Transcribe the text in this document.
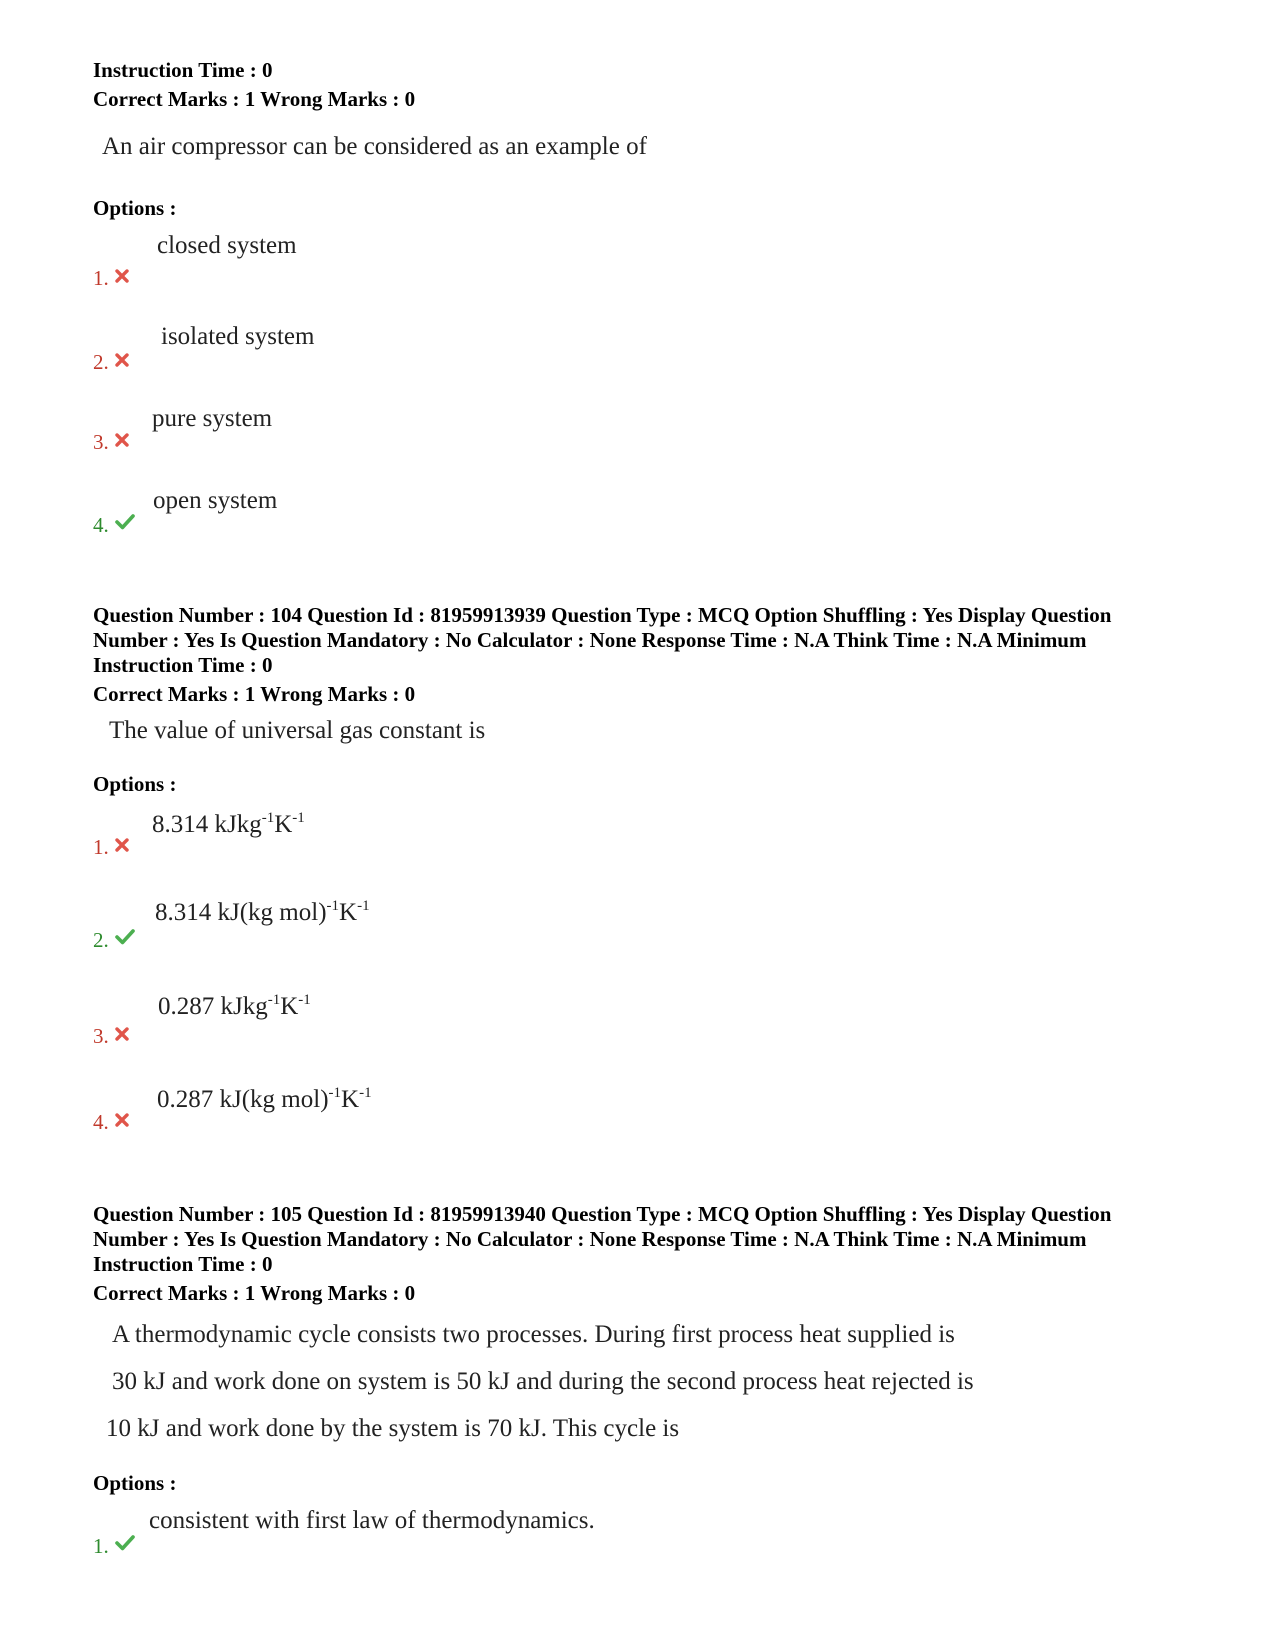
Instruction Time : 0

Correct Marks : 1 Wrong Marks : 0

An air compressor can be considered as an example of

Options :

closed system
1.
isolated system
2.
pure system
3.
open system
4.

Question Number : 104 Question Id : 81959913939 Question Type : MCQ Option Shuffling : Yes Display Question

Number : Yes Is Question Mandatory : No Calculator : None Response Time : N.A Think Time : N.A Minimum

Instruction Time : 0

Correct Marks : 1 Wrong Marks : 0

The value of universal gas constant is

Options :

8.314 $kJkg^{-1}K^{-1}$
1.
8.314 kJ(kg $mol)^{-1}K^{-1}$
2.
0.287 $kJkg^{-1}K^{-1}$
3.
0.287 kJ(kg $mol)^{-1}K^{-1}$
4.

Question Number : 105 Question Id : 81959913940 Question Type : MCQ Option Shuffling : Yes Display Question

Number : Yes Is Question Mandatory : No Calculator : None Response Time : N.A Think Time : N.A Minimum

Instruction Time : 0

Correct Marks : 1 Wrong Marks : 0

A thermodynamic cycle consists two processes. During first process heat supplied is

30 kJ and work done on system is 50 kJ and during the second process heat rejected is

10 kJ and work done by the system is 70 kJ. This cycle is

Options :

consistent with first law of thermodynamics.
1.
